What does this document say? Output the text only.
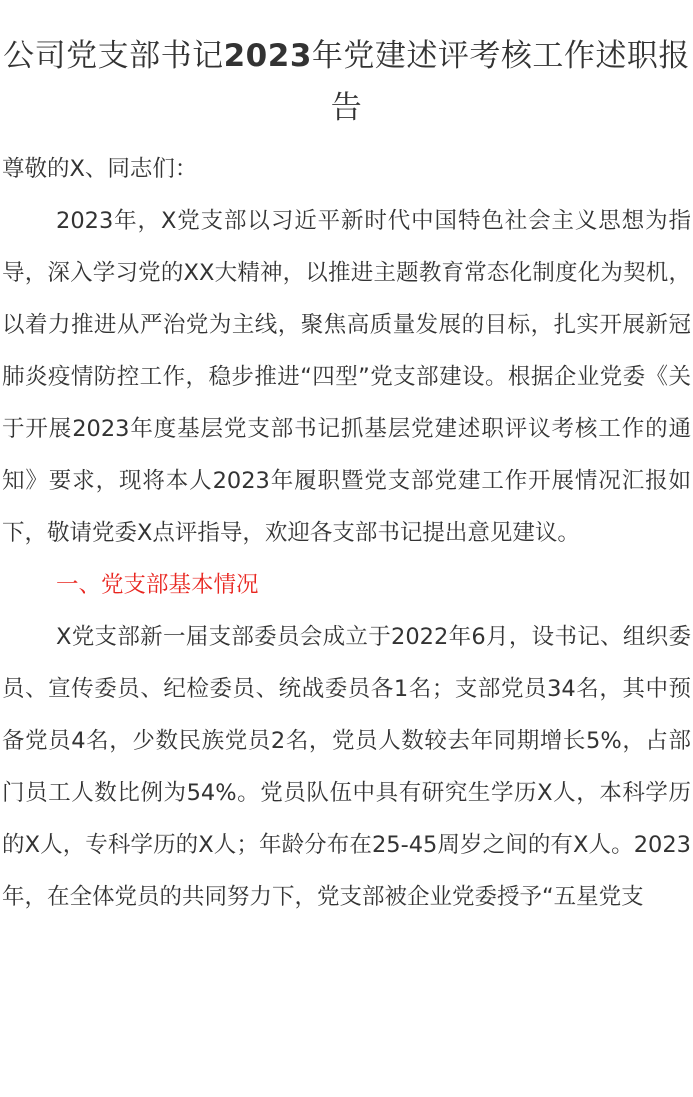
公司党支部书记2023年党建述评考核工作述职报告

尊敬的X、同志们：

2023年，X党支部以习近平新时代中国特色社会主义思想为指导，深入学习党的XX大精神，以推进主题教育常态化制度化为契机，以着力推进从严治党为主线，聚焦高质量发展的目标，扎实开展新冠肺炎疫情防控工作，稳步推进“四型”党支部建设。根据企业党委《关于开展2023年度基层党支部书记抓基层党建述职评议考核工作的通知》要求，现将本人2023年履职暨党支部党建工作开展情况汇报如下，敬请党委X点评指导，欢迎各支部书记提出意见建议。

一、党支部基本情况

X党支部新一届支部委员会成立于2022年6月，设书记、组织委员、宣传委员、纪检委员、统战委员各1名；支部党员34名，其中预备党员4名，少数民族党员2名，党员人数较去年同期增长5%，占部门员工人数比例为54%。党员队伍中具有研究生学历X人，本科学历的X人，专科学历的X人；年龄分布在25-45周岁之间的有X人。2023年，在全体党员的共同努力下，党支部被企业党委授予“五星党支
